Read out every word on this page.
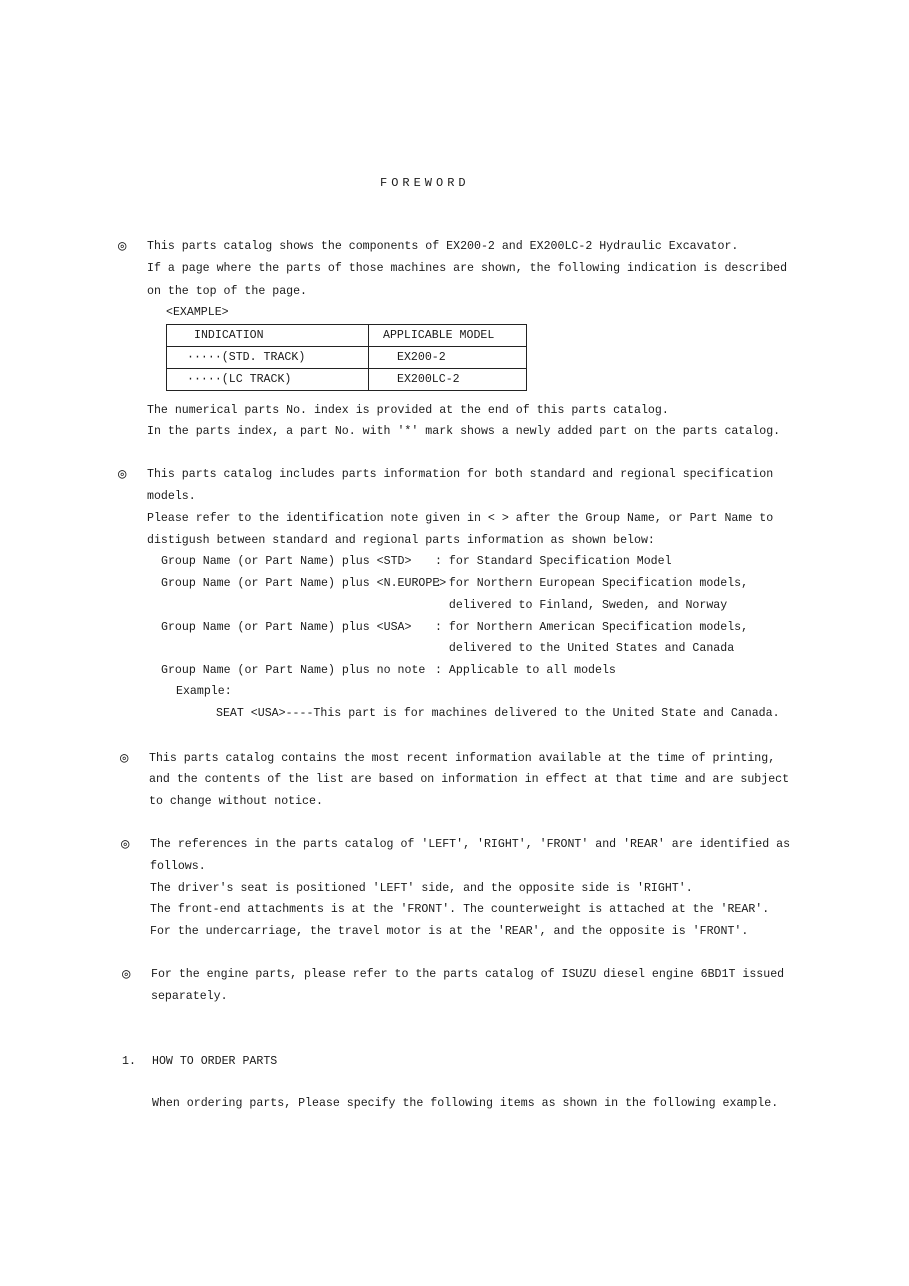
FOREWORD
◎ This parts catalog shows the components of EX200-2 and EX200LC-2 Hydraulic Excavator.
If a page where the parts of those machines are shown, the following indication is described
on the top of the page.
<EXAMPLE>
INDICATION	APPLICABLE MODEL
·····(STD. TRACK)	EX200-2
·····(LC TRACK)	EX200LC-2
The numerical parts No. index is provided at the end of this parts catalog.
In the parts index, a part No. with '*' mark shows a newly added part on the parts catalog.
◎ This parts catalog includes parts information for both standard and regional specification
models.
Please refer to the identification note given in < > after the Group Name, or Part Name to
distigush between standard and regional parts information as shown below:
Group Name (or Part Name) plus <STD>
: for Standard Specification Model
Group Name (or Part Name) plus <N.EUROPE>
: for Northern European Specification models,
delivered to Finland, Sweden, and Norway
Group Name (or Part Name) plus <USA>
: for Northern American Specification models,
delivered to the United States and Canada
Group Name (or Part Name) plus no note
: Applicable to all models
Example:
SEAT <USA>----This part is for machines delivered to the United State and Canada.
◎ This parts catalog contains the most recent information available at the time of printing,
and the contents of the list are based on information in effect at that time and are subject
to change without notice.
◎ The references in the parts catalog of 'LEFT', 'RIGHT', 'FRONT' and 'REAR' are identified as
follows.
The driver's seat is positioned 'LEFT' side, and the opposite side is 'RIGHT'.
The front-end attachments is at the 'FRONT'. The counterweight is attached at the 'REAR'.
For the undercarriage, the travel motor is at the 'REAR', and the opposite is 'FRONT'.
◎ For the engine parts, please refer to the parts catalog of ISUZU diesel engine 6BD1T issued
separately.
1. HOW TO ORDER PARTS
When ordering parts, Please specify the following items as shown in the following example.
